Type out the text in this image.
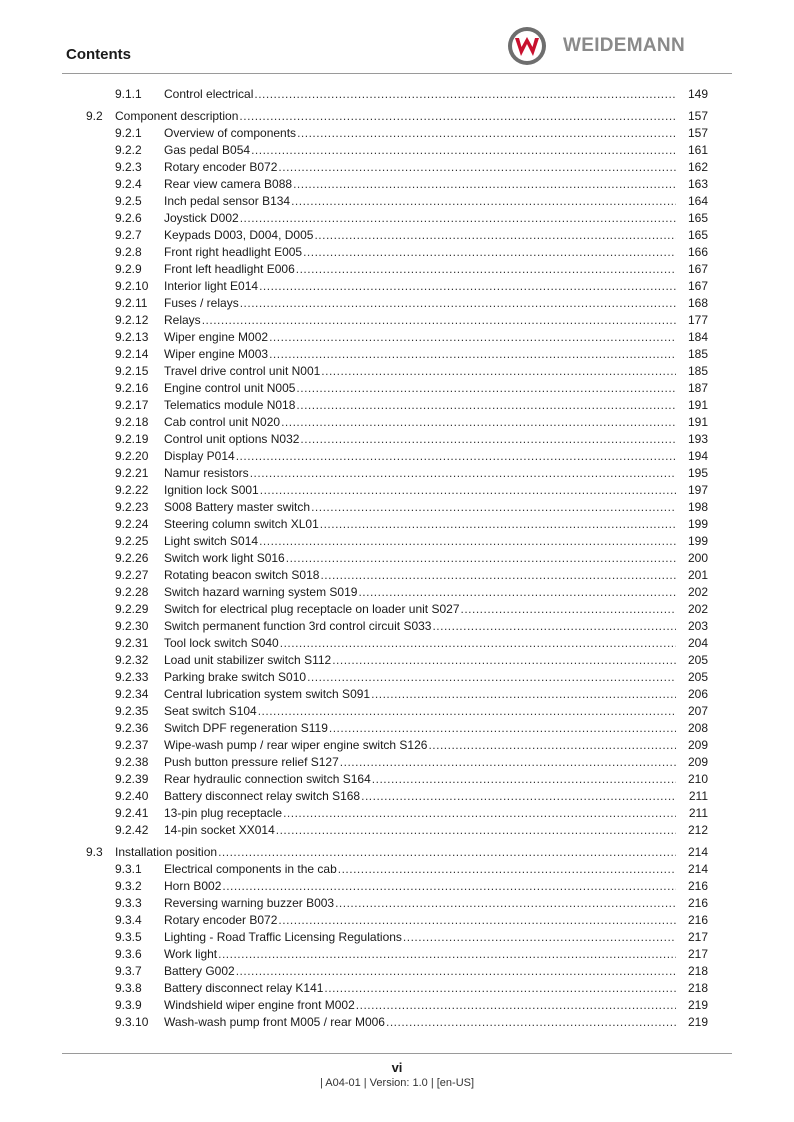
Contents	WEIDEMANN
9.1.1 Control electrical .....	149
9.2 Component description .....	157
9.2.1 Overview of components .....	157
9.2.2 Gas pedal B054 .....	161
9.2.3 Rotary encoder B072 .....	162
9.2.4 Rear view camera B088 .....	163
9.2.5 Inch pedal sensor B134 .....	164
9.2.6 Joystick D002 .....	165
9.2.7 Keypads D003, D004, D005 .....	165
9.2.8 Front right headlight E005 .....	166
9.2.9 Front left headlight E006 .....	167
9.2.10 Interior light E014 .....	167
9.2.11 Fuses / relays .....	168
9.2.12 Relays .....	177
9.2.13 Wiper engine M002 .....	184
9.2.14 Wiper engine M003 .....	185
9.2.15 Travel drive control unit N001 .....	185
9.2.16 Engine control unit N005 .....	187
9.2.17 Telematics module N018 .....	191
9.2.18 Cab control unit N020 .....	191
9.2.19 Control unit options N032 .....	193
9.2.20 Display P014 .....	194
9.2.21 Namur resistors .....	195
9.2.22 Ignition lock S001 .....	197
9.2.23 S008 Battery master switch .....	198
9.2.24 Steering column switch XL01 .....	199
9.2.25 Light switch S014 .....	199
9.2.26 Switch work light S016 .....	200
9.2.27 Rotating beacon switch S018 .....	201
9.2.28 Switch hazard warning system S019 .....	202
9.2.29 Switch for electrical plug receptacle on loader unit S027 .....	202
9.2.30 Switch permanent function 3rd control circuit S033 .....	203
9.2.31 Tool lock switch S040 .....	204
9.2.32 Load unit stabilizer switch S112 .....	205
9.2.33 Parking brake switch S010 .....	205
9.2.34 Central lubrication system switch S091 .....	206
9.2.35 Seat switch S104 .....	207
9.2.36 Switch DPF regeneration S119 .....	208
9.2.37 Wipe-wash pump / rear wiper engine switch S126 .....	209
9.2.38 Push button pressure relief S127 .....	209
9.2.39 Rear hydraulic connection switch S164 .....	210
9.2.40 Battery disconnect relay switch S168 .....	211
9.2.41 13-pin plug receptacle .....	211
9.2.42 14-pin socket XX014 .....	212
9.3 Installation position .....	214
9.3.1 Electrical components in the cab .....	214
9.3.2 Horn B002 .....	216
9.3.3 Reversing warning buzzer B003 .....	216
9.3.4 Rotary encoder B072 .....	216
9.3.5 Lighting - Road Traffic Licensing Regulations .....	217
9.3.6 Work light .....	217
9.3.7 Battery G002 .....	218
9.3.8 Battery disconnect relay K141 .....	218
9.3.9 Windshield wiper engine front M002 .....	219
9.3.10 Wash-wash pump front M005 / rear M006 .....	219
vi
| A04-01 | Version: 1.0 | [en-US]
